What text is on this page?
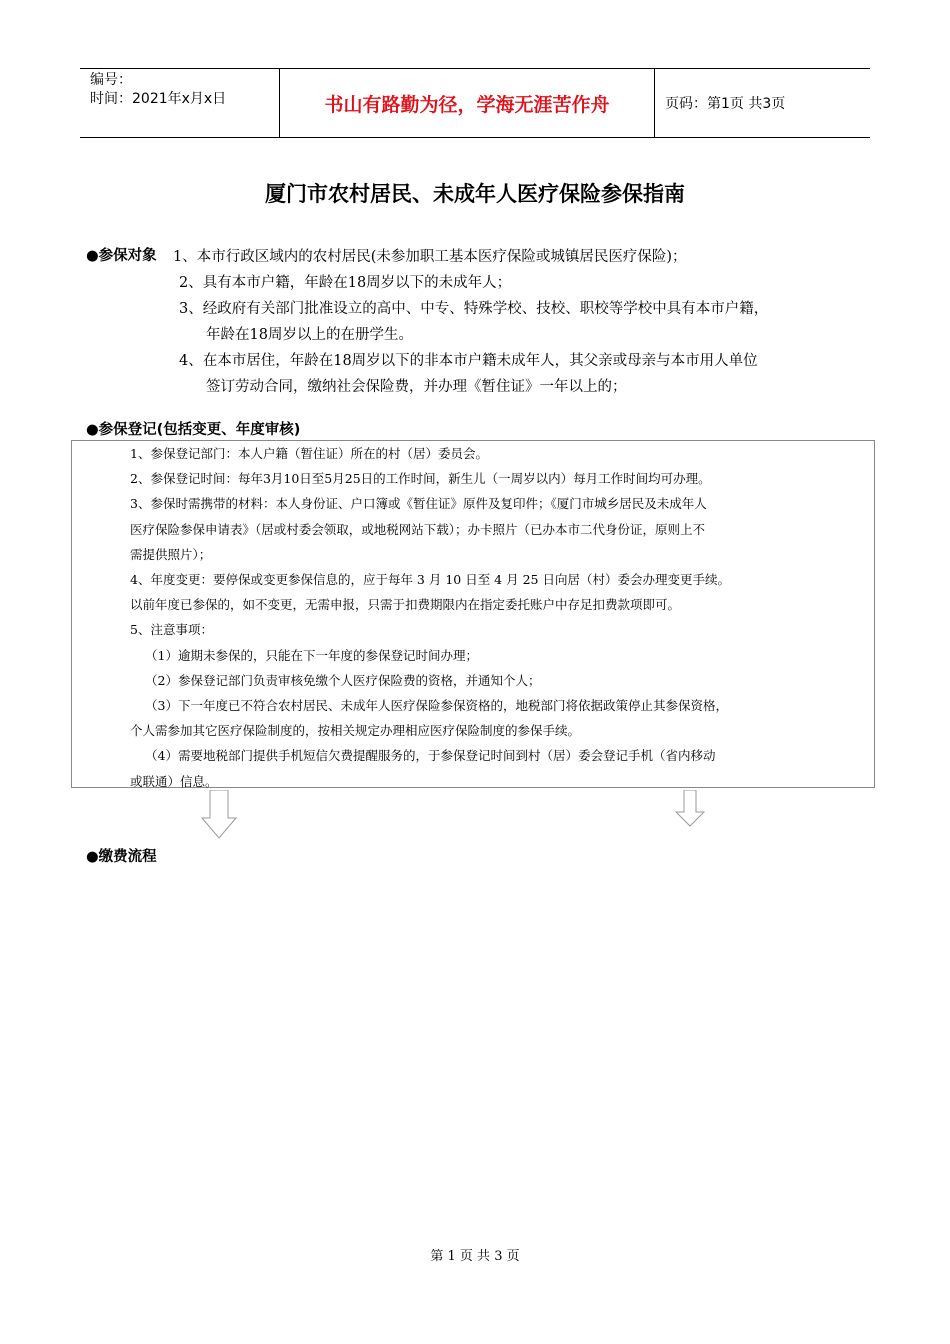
编号：
时间：2021年x月x日	书山有路勤为径，学海无涯苦作舟	页码：第1页 共3页
厦门市农村居民、未成年人医疗保险参保指南
●参保对象	1、本市行政区域内的农村居民(未参加职工基本医疗保险或城镇居民医疗保险)；
2、具有本市户籍，年龄在18周岁以下的未成年人；
3、经政府有关部门批准设立的高中、中专、特殊学校、技校、职校等学校中具有本市户籍，
年龄在18周岁以上的在册学生。
4、在本市居住，年龄在18周岁以下的非本市户籍未成年人，其父亲或母亲与本市用人单位
签订劳动合同，缴纳社会保险费，并办理《暂住证》一年以上的；
●参保登记(包括变更、年度审核)
1、参保登记部门：本人户籍（暂住证）所在的村（居）委员会。
2、参保登记时间：每年3月10日至5月25日的工作时间，新生儿（一周岁以内）每月工作时间均可办理。
3、参保时需携带的材料：本人身份证、户口簿或《暂住证》原件及复印件；《厦门市城乡居民及未成年人
医疗保险参保申请表》（居或村委会领取，或地税网站下载）；办卡照片（已办本市二代身份证，原则上不
需提供照片）；
4、年度变更：要停保或变更参保信息的，应于每年 3 月 10 日至 4 月 25 日向居（村）委会办理变更手续。
以前年度已参保的，如不变更，无需申报，只需于扣费期限内在指定委托账户中存足扣费款项即可。
5、注意事项：
（1）逾期未参保的，只能在下一年度的参保登记时间办理；
（2）参保登记部门负责审核免缴个人医疗保险费的资格，并通知个人；
（3）下一年度已不符合农村居民、未成年人医疗保险参保资格的，地税部门将依据政策停止其参保资格，
个人需参加其它医疗保险制度的，按相关规定办理相应医疗保险制度的参保手续。
（4）需要地税部门提供手机短信欠费提醒服务的，于参保登记时间到村（居）委会登记手机（省内移动
或联通）信息。
●缴费流程
第 1 页 共 3 页
